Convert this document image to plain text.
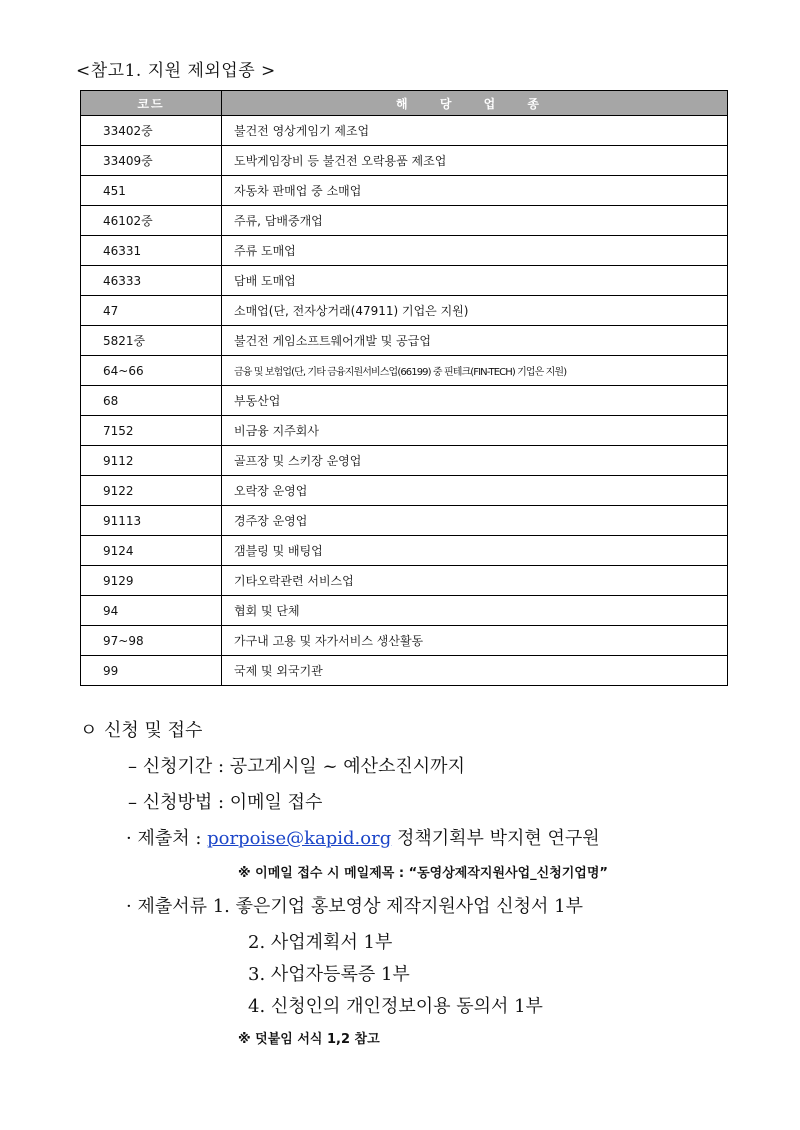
<참고1. 지원 제외업종 >
코드	해 당 업 종
33402중	불건전 영상게임기 제조업
33409중	도박게임장비 등 불건전 오락용품 제조업
451	자동차 판매업 중 소매업
46102중	주류, 담배중개업
46331	주류 도매업
46333	담배 도매업
47	소매업(단, 전자상거래(47911) 기업은 지원)
5821중	불건전 게임소프트웨어개발 및 공급업
64~66	금융 및 보험업(단, 기타 금융지원서비스업(66199) 중 핀테크(FIN-TECH) 기업은 지원)
68	부동산업
7152	비금융 지주회사
9112	골프장 및 스키장 운영업
9122	오락장 운영업
91113	경주장 운영업
9124	갬블링 및 배팅업
9129	기타오락관련 서비스업
94	협회 및 단체
97~98	가구내 고용 및 자가서비스 생산활동
99	국제 및 외국기관
ㅇ 신청 및 접수
– 신청기간 : 공고게시일 ~ 예산소진시까지
– 신청방법 : 이메일 접수
· 제출처 : porpoise@kapid.org 정책기획부 박지현 연구원
※ 이메일 접수 시 메일제목 : “동영상제작지원사업_신청기업명”
· 제출서류 1. 좋은기업 홍보영상 제작지원사업 신청서 1부
2. 사업계획서 1부
3. 사업자등록증 1부
4. 신청인의 개인정보이용 동의서 1부
※ 덧붙임 서식 1,2 참고
